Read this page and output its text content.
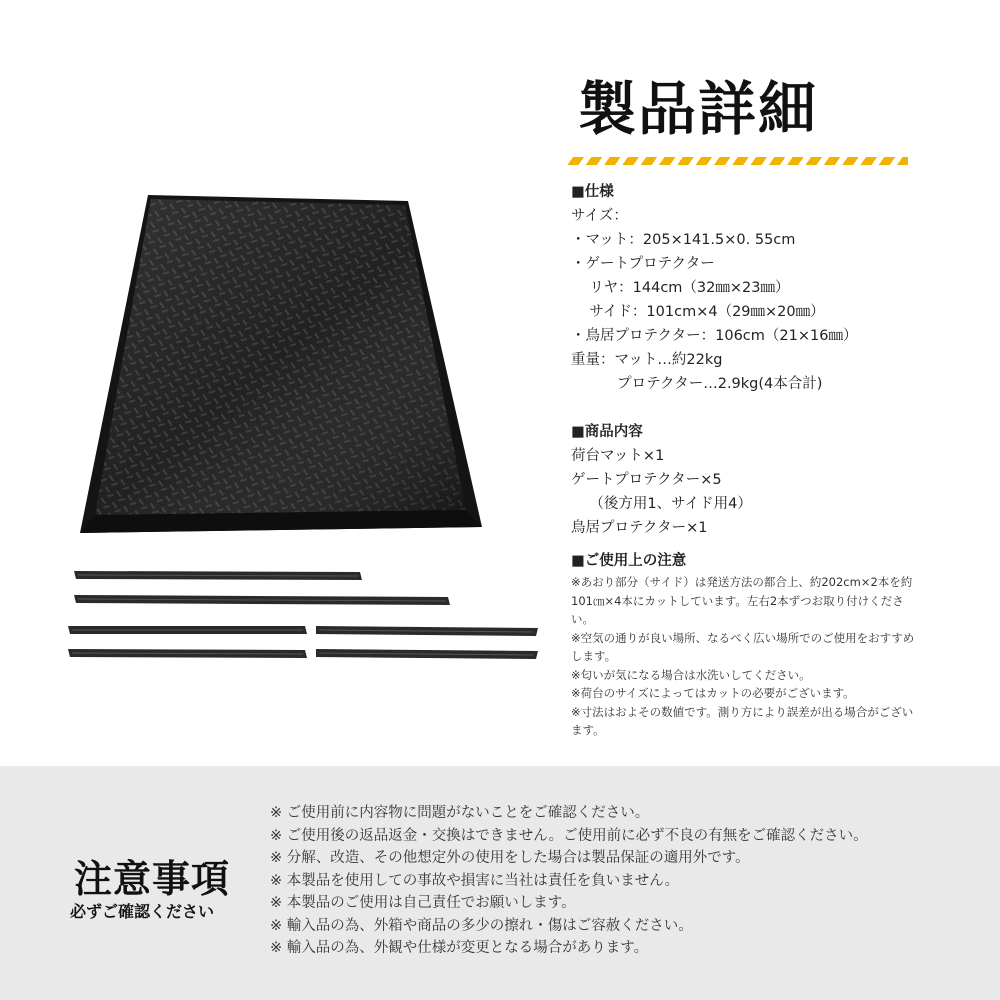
製品詳細
■仕様
サイズ：
・マット：205×141.5×0. 55cm
・ゲートプロテクター
リヤ：144cm（32㎜×23㎜）
サイド：101cm×4（29㎜×20㎜）
・鳥居プロテクター：106cm（21×16㎜）
重量：マット…約22kg
プロテクター…2.9kg(4本合計)
■商品内容
荷台マット×1
ゲートプロテクター×5
（後方用1、サイド用4）
鳥居プロテクター×1
■ご使用上の注意
※あおり部分（サイド）は発送方法の都合上、約202cm×2本を約101㎝×4本にカットしています。左右2本ずつお取り付けください。
※空気の通りが良い場所、なるべく広い場所でのご使用をおすすめします。
※匂いが気になる場合は水洗いしてください。
※荷台のサイズによってはカットの必要がございます。
※寸法はおよその数値です。測り方により誤差が出る場合がございます。
注意事項
必ずご確認ください
※ ご使用前に内容物に問題がないことをご確認ください。
※ ご使用後の返品返金・交換はできません。ご使用前に必ず不良の有無をご確認ください。
※ 分解、改造、その他想定外の使用をした場合は製品保証の適用外です。
※ 本製品を使用しての事故や損害に当社は責任を負いません。
※ 本製品のご使用は自己責任でお願いします。
※ 輸入品の為、外箱や商品の多少の擦れ・傷はご容赦ください。
※ 輸入品の為、外観や仕様が変更となる場合があります。
